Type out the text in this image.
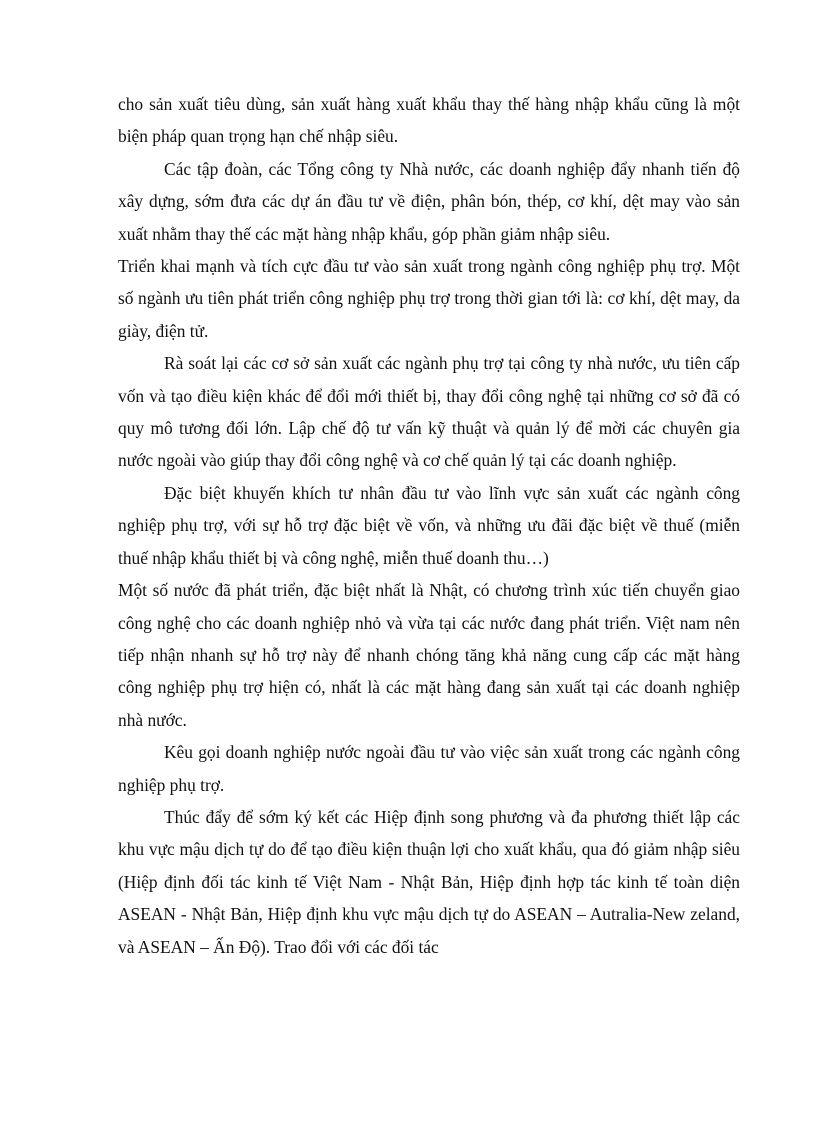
cho sản xuất tiêu dùng, sản xuất hàng xuất khẩu thay thế hàng nhập khẩu cũng là một biện pháp quan trọng hạn chế nhập siêu.

Các tập đoàn, các Tổng công ty Nhà nước, các doanh nghiệp đẩy nhanh tiến độ xây dựng, sớm đưa các dự án đầu tư về điện, phân bón, thép, cơ khí, dệt may vào sản xuất nhằm thay thế các mặt hàng nhập khẩu, góp phần giảm nhập siêu.

Triển khai mạnh và tích cực đầu tư vào sản xuất trong ngành công nghiệp phụ trợ. Một số ngành ưu tiên phát triển công nghiệp phụ trợ trong thời gian tới là: cơ khí, dệt may, da giày, điện tử.

Rà soát lại các cơ sở sản xuất các ngành phụ trợ tại công ty nhà nước, ưu tiên cấp vốn và tạo điều kiện khác để đổi mới thiết bị, thay đổi công nghệ tại những cơ sở đã có quy mô tương đối lớn. Lập chế độ tư vấn kỹ thuật và quản lý để mời các chuyên gia nước ngoài vào giúp thay đổi công nghệ và cơ chế quản lý tại các doanh nghiệp.

Đặc biệt khuyến khích tư nhân đầu tư vào lĩnh vực sản xuất các ngành công nghiệp phụ trợ, với sự hỗ trợ đặc biệt về vốn, và những ưu đãi đặc biệt về thuế (miễn thuế nhập khẩu thiết bị và công nghệ, miễn thuế doanh thu…)

Một số nước đã phát triển, đặc biệt nhất là Nhật, có chương trình xúc tiến chuyển giao công nghệ cho các doanh nghiệp nhỏ và vừa tại các nước đang phát triển. Việt nam nên tiếp nhận nhanh sự hỗ trợ này để nhanh chóng tăng khả năng cung cấp các mặt hàng công nghiệp phụ trợ hiện có, nhất là các mặt hàng đang sản xuất tại các doanh nghiệp nhà nước.

Kêu gọi doanh nghiệp nước ngoài đầu tư vào việc sản xuất trong các ngành công nghiệp phụ trợ.

Thúc đẩy để sớm ký kết các Hiệp định song phương và đa phương thiết lập các khu vực mậu dịch tự do để tạo điều kiện thuận lợi cho xuất khẩu, qua đó giảm nhập siêu (Hiệp định đối tác kinh tế Việt Nam - Nhật Bản, Hiệp định hợp tác kinh tế toàn diện ASEAN - Nhật Bản, Hiệp định khu vực mậu dịch tự do ASEAN – Autralia-New zeland, và ASEAN – Ấn Độ). Trao đổi với các đối tác
